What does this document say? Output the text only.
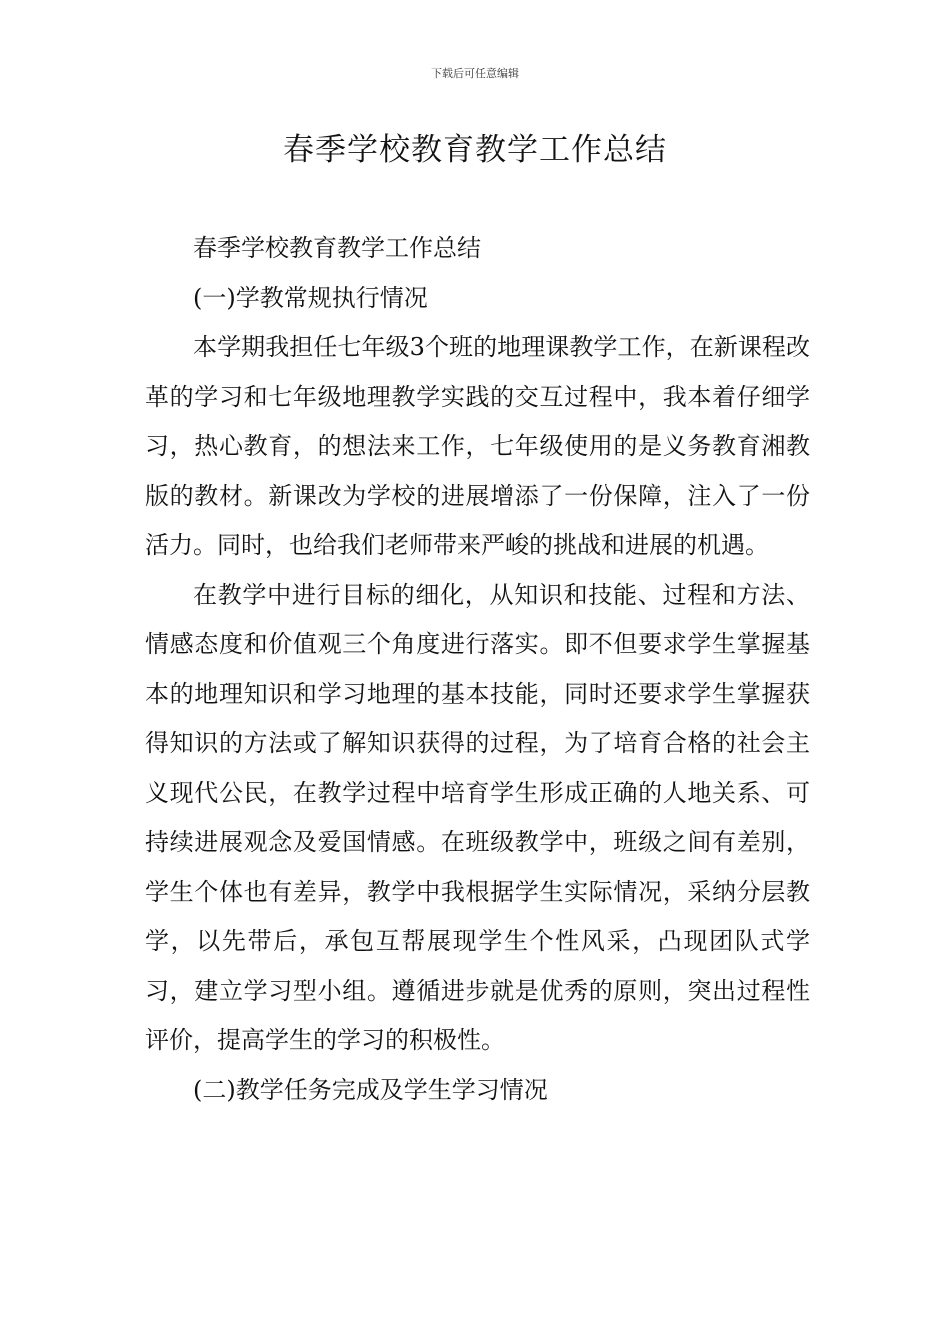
下载后可任意编辑
春季学校教育教学工作总结

春季学校教育教学工作总结

(一)学教常规执行情况

本学期我担任七年级3个班的地理课教学工作，在新课程改革的学习和七年级地理教学实践的交互过程中，我本着仔细学习，热心教育，的想法来工作，七年级使用的是义务教育湘教版的教材。新课改为学校的进展增添了一份保障，注入了一份活力。同时，也给我们老师带来严峻的挑战和进展的机遇。

在教学中进行目标的细化，从知识和技能、过程和方法、情感态度和价值观三个角度进行落实。即不但要求学生掌握基本的地理知识和学习地理的基本技能，同时还要求学生掌握获得知识的方法或了解知识获得的过程，为了培育合格的社会主义现代公民，在教学过程中培育学生形成正确的人地关系、可持续进展观念及爱国情感。在班级教学中，班级之间有差别，学生个体也有差异，教学中我根据学生实际情况，采纳分层教学，以先带后，承包互帮展现学生个性风采，凸现团队式学习，建立学习型小组。遵循进步就是优秀的原则，突出过程性评价，提高学生的学习的积极性。

(二)教学任务完成及学生学习情况
